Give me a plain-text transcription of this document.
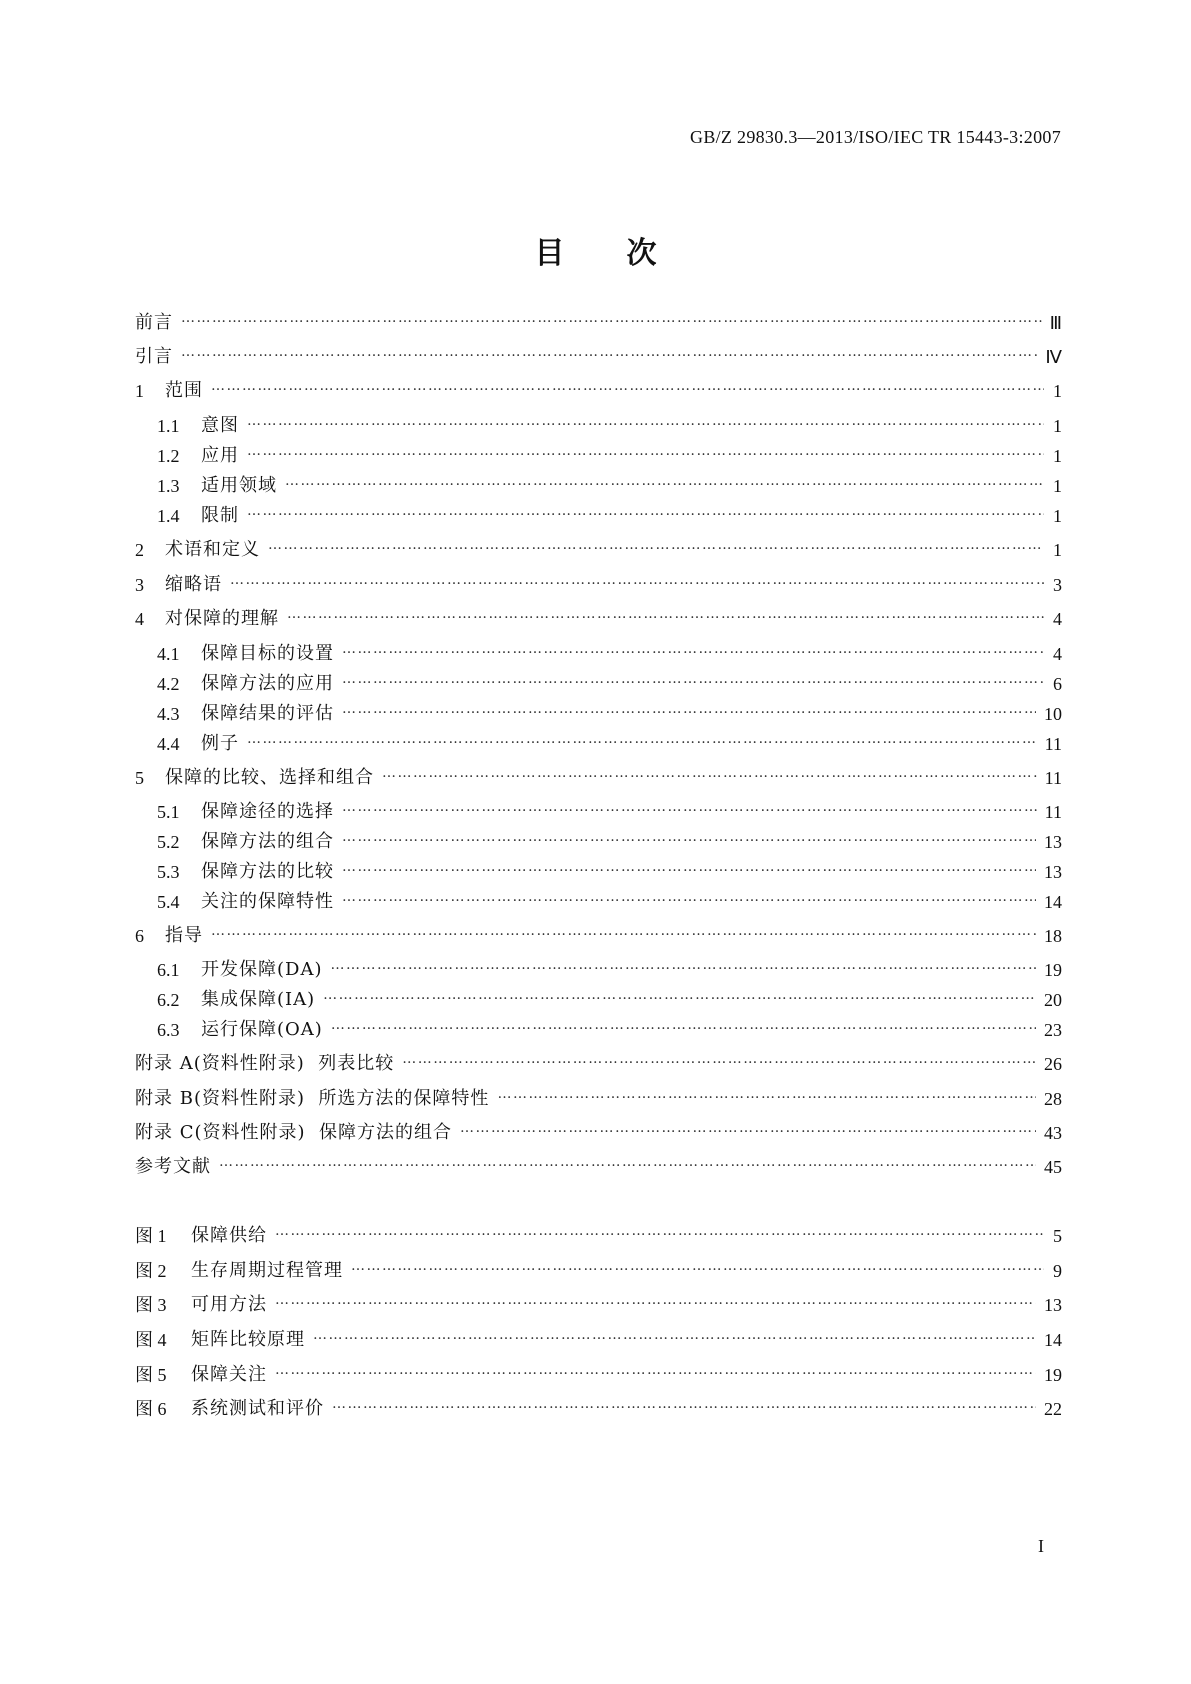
GB/Z 29830.3—2013/ISO/IEC TR 15443-3:2007
目次
前言 ……………………………………………………………………………………………………………………………………………………………………………………………………	Ⅲ
引言 ……………………………………………………………………………………………………………………………………………………………………………………………………	Ⅳ
1	范围 ……………………………………………………………………………………………………………………………………………………………………………………………………	1
1.1	意图 ……………………………………………………………………………………………………………………………………………………………………………………………………	1
1.2	应用 ……………………………………………………………………………………………………………………………………………………………………………………………………	1
1.3	适用领域 ……………………………………………………………………………………………………………………………………………………………………………………………………	1
1.4	限制 ……………………………………………………………………………………………………………………………………………………………………………………………………	1
2	术语和定义 ……………………………………………………………………………………………………………………………………………………………………………………………………	1
3	缩略语 ……………………………………………………………………………………………………………………………………………………………………………………………………	3
4	对保障的理解 ……………………………………………………………………………………………………………………………………………………………………………………………………	4
4.1	保障目标的设置 ……………………………………………………………………………………………………………………………………………………………………………………………………	4
4.2	保障方法的应用 ……………………………………………………………………………………………………………………………………………………………………………………………………	6
4.3	保障结果的评估 ……………………………………………………………………………………………………………………………………………………………………………………………………	10
4.4	例子 ……………………………………………………………………………………………………………………………………………………………………………………………………	11
5	保障的比较、选择和组合 ……………………………………………………………………………………………………………………………………………………………………………………………………	11
5.1	保障途径的选择 ……………………………………………………………………………………………………………………………………………………………………………………………………	11
5.2	保障方法的组合 ……………………………………………………………………………………………………………………………………………………………………………………………………	13
5.3	保障方法的比较 ……………………………………………………………………………………………………………………………………………………………………………………………………	13
5.4	关注的保障特性 ……………………………………………………………………………………………………………………………………………………………………………………………………	14
6	指导 ……………………………………………………………………………………………………………………………………………………………………………………………………	18
6.1	开发保障(DA) ……………………………………………………………………………………………………………………………………………………………………………………………………	19
6.2	集成保障(IA) ……………………………………………………………………………………………………………………………………………………………………………………………………	20
6.3	运行保障(OA) ……………………………………………………………………………………………………………………………………………………………………………………………………	23
附录 A(资料性附录)  列表比较 ……………………………………………………………………………………………………………………………………………………………………………………………………	26
附录 B(资料性附录)  所选方法的保障特性 ……………………………………………………………………………………………………………………………………………………………………………………………………	28
附录 C(资料性附录)  保障方法的组合 ……………………………………………………………………………………………………………………………………………………………………………………………………	43
参考文献 ……………………………………………………………………………………………………………………………………………………………………………………………………	45
图 1	保障供给 ……………………………………………………………………………………………………………………………………………………………………………………………………	5
图 2	生存周期过程管理 ……………………………………………………………………………………………………………………………………………………………………………………………………	9
图 3	可用方法 ……………………………………………………………………………………………………………………………………………………………………………………………………	13
图 4	矩阵比较原理 ……………………………………………………………………………………………………………………………………………………………………………………………………	14
图 5	保障关注 ……………………………………………………………………………………………………………………………………………………………………………………………………	19
图 6	系统测试和评价 ……………………………………………………………………………………………………………………………………………………………………………………………………	22
I
